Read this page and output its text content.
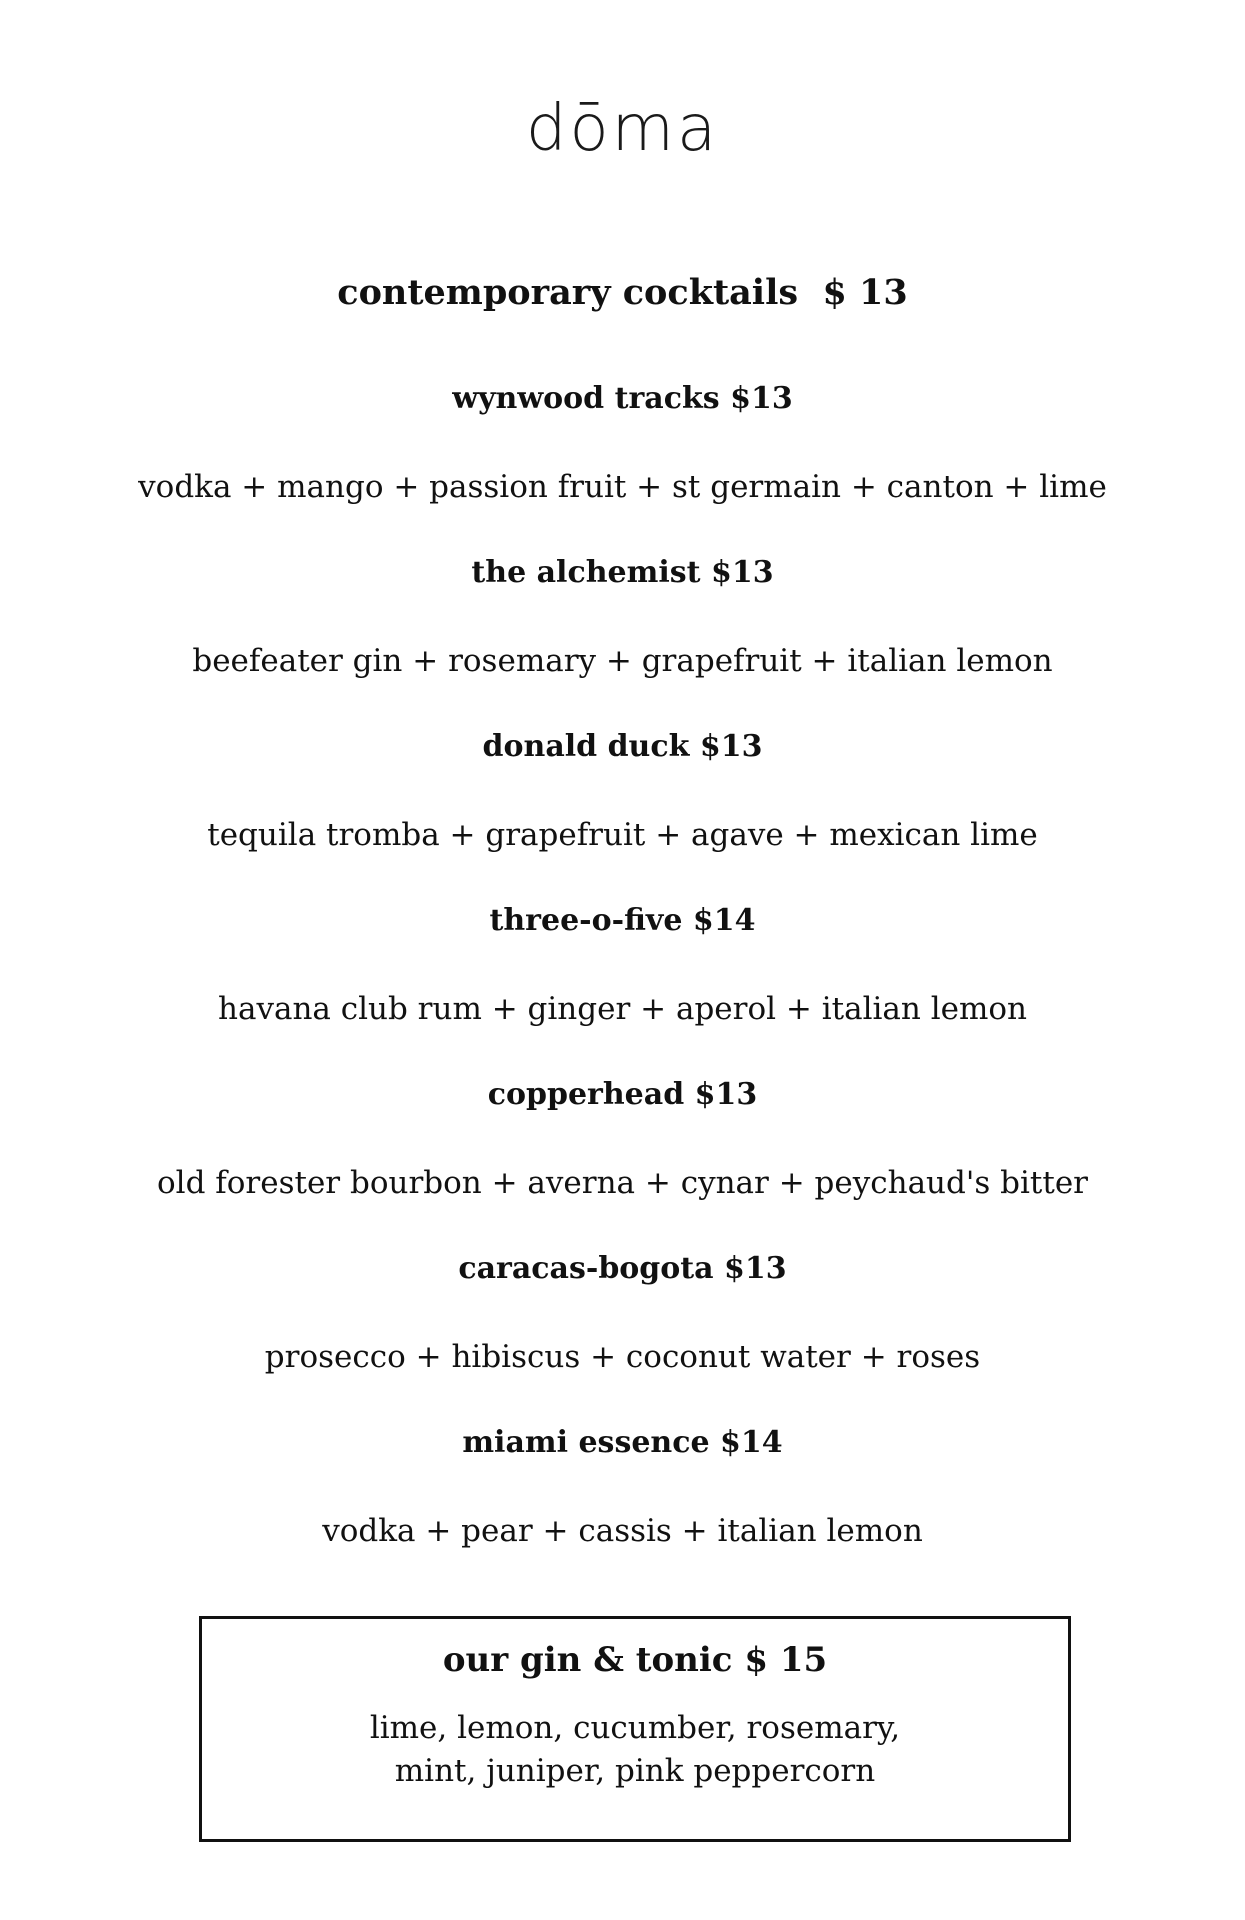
dōma
contemporary cocktails  $ 13
wynwood tracks $13
vodka + mango + passion fruit + st germain + canton + lime
the alchemist $13
beefeater gin + rosemary + grapefruit + italian lemon
donald duck $13
tequila tromba + grapefruit + agave + mexican lime
three-o-five $14
havana club rum + ginger + aperol + italian lemon
copperhead $13
old forester bourbon + averna + cynar + peychaud's bitter
caracas-bogota $13
prosecco + hibiscus + coconut water + roses
miami essence $14
vodka + pear + cassis + italian lemon
our gin & tonic $ 15

lime, lemon, cucumber, rosemary,
mint, juniper, pink peppercorn
